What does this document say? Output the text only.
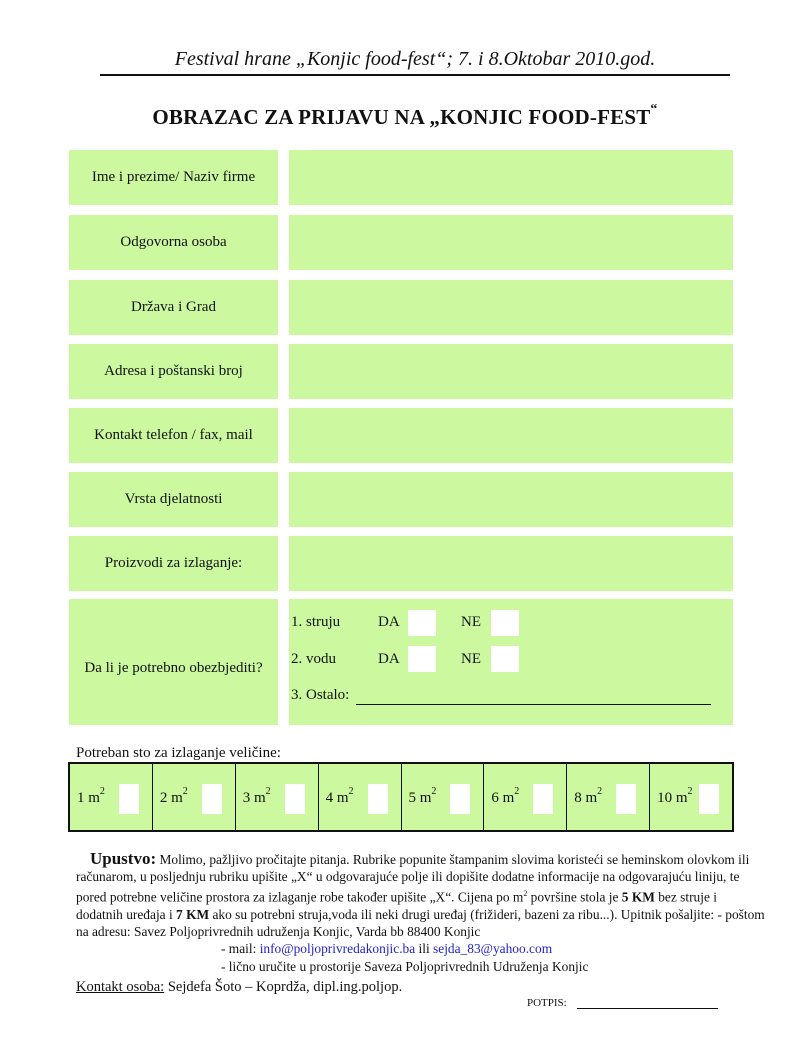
Festival hrane „Konjic food-fest“; 7. i 8.Oktobar 2010.god.
OBRAZAC ZA PRIJAVU NA „KONJIC FOOD-FEST“
Ime i prezime/ Naziv firme
Odgovorna osoba
Država i Grad
Adresa i poštanski broj
Kontakt telefon / fax, mail
Vrsta djelatnosti
Proizvodi za izlaganje:
Da li je potrebno obezbjediti?
1. struju	DA	NE
2. vodu	DA	NE
3. Ostalo:
Potreban sto za izlaganje veličine:
1 $m^2$	2 $m^2$	3 $m^2$	4 $m^2$	5 $m^2$	6 $m^2$	8 $m^2$	10 $m^2$
Upustvo: Molimo, pažljivo pročitajte pitanja. Rubrike popunite štampanim slovima koristeći se heminskom olovkom ili računarom, u posljednju rubriku upišite „X“ u odgovarajuće polje ili dopišite dodatne informacije na odgovarajuću liniju, te pored potrebne veličine prostora za izlaganje robe također upišite „X“. Cijena po $m^2$ površine stola je 5 KM bez struje i dodatnih uređaja i 7 KM ako su potrebni struja,voda ili neki drugi uređaj (frižideri, bazeni za ribu...). Upitnik pošaljite: - poštom na adresu: Savez Poljoprivrednih udruženja Konjic, Varda bb 88400 Konjic
- mail: info@poljoprivredakonjic.ba ili sejda_83@yahoo.com
- lično uručite u prostorije Saveza Poljoprivrednih Udruženja Konjic
Kontakt osoba: Sejdefa Šoto – Koprdža, dipl.ing.poljop.
POTPIS:
